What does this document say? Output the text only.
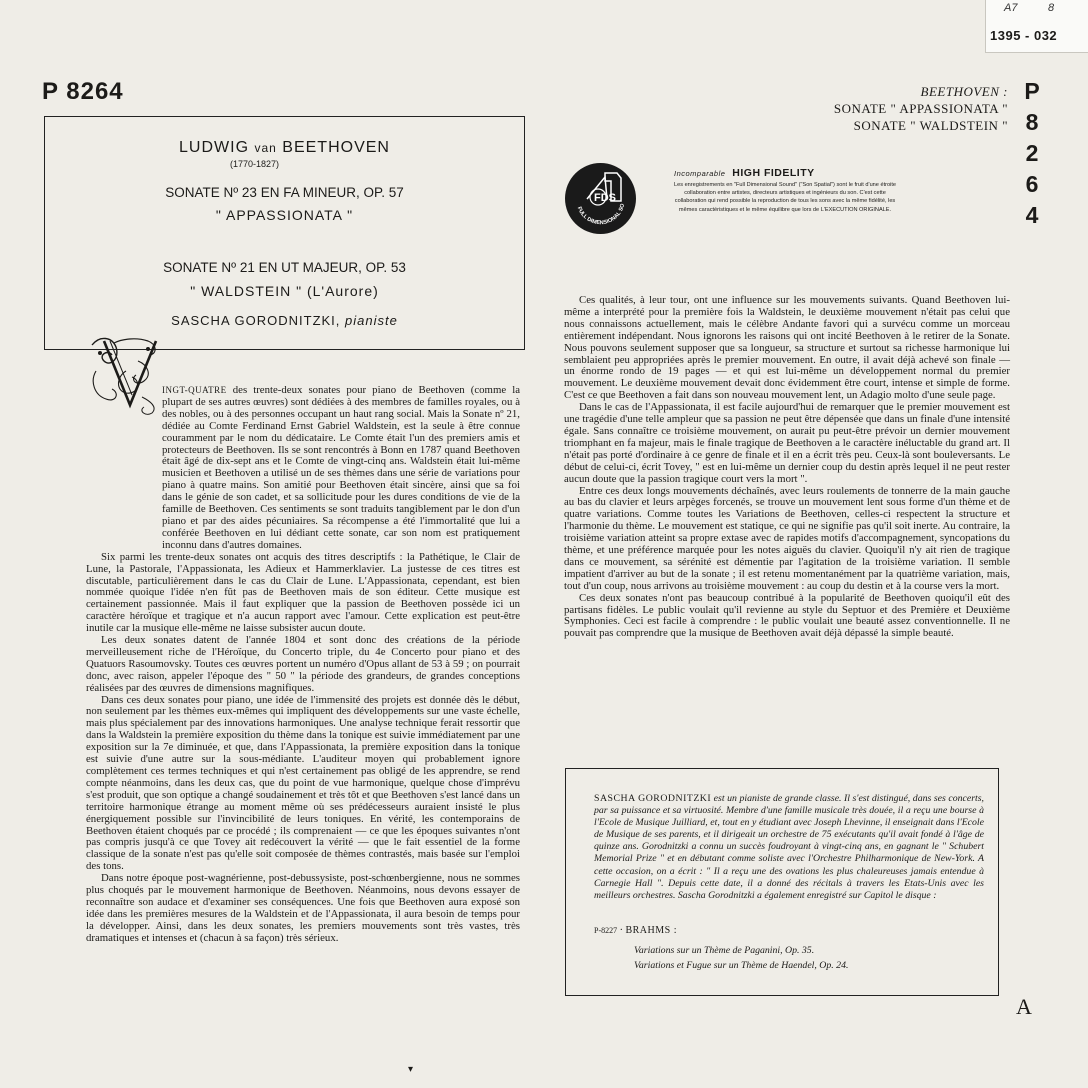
A7	8
1395 - 032
P 8264	P
8
2
6
4
LUDWIG van BEETHOVEN
(1770-1827)
SONATE Nº 23 EN FA MINEUR, OP. 57
" APPASSIONATA "
SONATE Nº 21 EN UT MAJEUR, OP. 53
" WALDSTEIN " (L'Aurore)
SASCHA GORODNITZKI, pianiste
BEETHOVEN :
SONATE " APPASSIONATA "
SONATE " WALDSTEIN "
FDS
FULL DIMENSIONAL SO
Incomparable HIGH FIDELITY
Les enregistrements en "Full Dimensional Sound" ("Son Spatial") sont le fruit d'une étroite collaboration entre artistes, directeurs artistiques et ingénieurs du son. C'est cette collaboration qui rend possible la reproduction de tous les sons avec la même fidélité, les mêmes caractéristiques et le même équilibre que lors de L'EXECUTION ORIGINALE.

INGT-QUATRE des trente-deux sonates pour piano de Beethoven (comme la plupart de ses autres œuvres) sont dédiées à des membres de familles royales, ou à des nobles, ou à des personnes occupant un haut rang social. Mais la Sonate nº 21, dédiée au Comte Ferdinand Ernst Gabriel Waldstein, est la seule à être connue couramment par le nom du dédicataire. Le Comte était l'un des premiers amis et protecteurs de Beethoven. Ils se sont rencontrés à Bonn en 1787 quand Beethoven était âgé de dix-sept ans et le Comte de vingt-cinq ans. Waldstein était lui-même musicien et Beethoven a utilisé un de ses thèmes dans une série de variations pour piano à quatre mains. Son amitié pour Beethoven était sincère, ainsi que sa foi dans le génie de son cadet, et sa sollicitude pour les dures conditions de vie de la famille de Beethoven. Ces sentiments se sont traduits tangiblement par le don d'un piano et par des aides pécuniaires. Sa récompense a été l'immortalité que lui a conférée Beethoven en lui dédiant cette sonate, car son nom est pratiquement inconnu dans d'autres domaines.

Six parmi les trente-deux sonates ont acquis des titres descriptifs : la Pathétique, le Clair de Lune, la Pastorale, l'Appassionata, les Adieux et Hammerklavier. La justesse de ces titres est discutable, particulièrement dans le cas du Clair de Lune. L'Appassionata, cependant, est bien nommée quoique l'idée n'en fût pas de Beethoven mais de son éditeur. Cette musique est certainement passionnée. Mais il faut expliquer que la passion de Beethoven possède ici un caractère héroïque et tragique et n'a aucun rapport avec l'amour. Cette explication est peut-être inutile car la musique elle-même ne laisse subsister aucun doute.

Les deux sonates datent de l'année 1804 et sont donc des créations de la période merveilleusement riche de l'Héroïque, du Concerto triple, du 4e Concerto pour piano et des Quatuors Rasoumovsky. Toutes ces œuvres portent un numéro d'Opus allant de 53 à 59 ; on pourrait donc, avec raison, appeler l'époque des " 50 " la période des grandeurs, de grandes conceptions réalisées par des œuvres de dimensions magnifiques.

Dans ces deux sonates pour piano, une idée de l'immensité des projets est donnée dès le début, non seulement par les thèmes eux-mêmes qui impliquent des développements sur une vaste échelle, mais plus spécialement par des innovations harmoniques. Une analyse technique ferait ressortir que dans la Waldstein la première exposition du thème dans la tonique est suivie immédiatement par une exposition sur la 7e diminuée, et que, dans l'Appassionata, la première exposition dans la tonique est suivie d'une autre sur la sous-médiante. L'auditeur moyen qui probablement ignore complètement ces termes techniques et qui n'est certainement pas obligé de les apprendre, se rend compte néanmoins, dans les deux cas, que du point de vue harmonique, quelque chose d'imprévu s'est produit, que son optique a changé soudainement et très tôt et que Beethoven s'est lancé dans un territoire harmonique étrange au moment même où ses prédécesseurs auraient insisté le plus énergiquement possible sur l'invincibilité de leurs toniques. En vérité, les contemporains de Beethoven étaient choqués par ce procédé ; ils comprenaient — ce que les époques suivantes n'ont pas compris jusqu'à ce que Tovey ait redécouvert la vérité — que le fait essentiel de la forme classique de la sonate n'est pas qu'elle soit composée de thèmes contrastés, mais basée sur l'emploi des tons.

Dans notre époque post-wagnérienne, post-debussysiste, post-schœnbergienne, nous ne sommes plus choqués par le mouvement harmonique de Beethoven. Néanmoins, nous devons essayer de reconnaître son audace et d'examiner ses conséquences. Une fois que Beethoven aura exposé son idée dans les premières mesures de la Waldstein et de l'Appassionata, il aura besoin de temps pour la développer. Ainsi, dans les deux sonates, les premiers mouvements sont très vastes, très dramatiques et intenses et (chacun à sa façon) très sérieux.

Ces qualités, à leur tour, ont une influence sur les mouvements suivants. Quand Beethoven lui-même a interprété pour la première fois la Waldstein, le deuxième mouvement n'était pas celui que nous connaissons actuellement, mais le célèbre Andante favori qui a survécu comme un morceau entièrement indépendant. Nous ignorons les raisons qui ont incité Beethoven à le retirer de la Sonate. Nous pouvons seulement supposer que sa longueur, sa structure et surtout sa richesse harmonique lui semblaient peu appropriées après le premier mouvement. En outre, il avait déjà achevé son finale — un énorme rondo de 19 pages — et qui est lui-même un développement normal du premier mouvement. Le deuxième mouvement devait donc évidemment être court, intense et simple de forme. C'est ce que Beethoven a fait dans son nouveau mouvement lent, un Adagio molto d'une seule page.

Dans le cas de l'Appassionata, il est facile aujourd'hui de remarquer que le premier mouvement est une tragédie d'une telle ampleur que sa passion ne peut être dépensée que dans un finale d'une intensité égale. Sans connaître ce troisième mouvement, on aurait pu peut-être prévoir un dernier mouvement triomphant en fa majeur, mais le finale tragique de Beethoven a le caractère inéluctable du grand art. Il n'était pas porté d'ordinaire à ce genre de finale et il en a écrit très peu. Ceux-là sont bouleversants. Le début de celui-ci, écrit Tovey, " est en lui-même un dernier coup du destin après lequel il ne peut rester aucun doute que la passion tragique court vers la mort ".

Entre ces deux longs mouvements déchaînés, avec leurs roulements de tonnerre de la main gauche au bas du clavier et leurs arpèges forcenés, se trouve un mouvement lent sous forme d'un thème et de quatre variations. Comme toutes les Variations de Beethoven, celles-ci respectent la structure et l'harmonie du thème. Le mouvement est statique, ce qui ne signifie pas qu'il soit inerte. Au contraire, la troisième variation atteint sa propre extase avec de rapides motifs d'accompagnement, syncopations du thème, et une préférence marquée pour les notes aiguës du clavier. Quoiqu'il n'y ait rien de tragique dans ce mouvement, sa sérénité est démentie par l'agitation de la troisième variation. Il semble impatient d'arriver au but de la sonate ; il est retenu momentanément par la quatrième variation, mais, tout d'un coup, nous arrivons au troisième mouvement : au coup du destin et à la course vers la mort.

Ces deux sonates n'ont pas beaucoup contribué à la popularité de Beethoven quoiqu'il eût des partisans fidèles. Le public voulait qu'il revienne au style du Septuor et des Première et Deuxième Symphonies. Ceci est facile à comprendre : le public voulait une beauté assez conventionnelle. Il ne pouvait pas comprendre que la musique de Beethoven avait déjà dépassé la simple beauté.

SASCHA GORODNITZKI est un pianiste de grande classe. Il s'est distingué, dans ses concerts, par sa puissance et sa virtuosité. Membre d'une famille musicale très douée, il a reçu une bourse à l'Ecole de Musique Juilliard, et, tout en y étudiant avec Joseph Lhevinne, il enseignait dans l'Ecole de Musique de ses parents, et il dirigeait un orchestre de 75 exécutants qu'il avait fondé à l'âge de quinze ans. Gorodnitzki a connu un succès foudroyant à vingt-cinq ans, en gagnant le " Schubert Memorial Prize " et en débutant comme soliste avec l'Orchestre Philharmonique de New-York. A cette occasion, on a écrit : " Il a reçu une des ovations les plus chaleureuses jamais entendue à Carnegie Hall ". Depuis cette date, il a donné des récitals à travers les Etats-Unis avec les meilleurs orchestres. Sascha Gorodnitzki a également enregistré sur Capitol le disque :
P-8227 · BRAHMS :
Variations sur un Thème de Paganini, Op. 35.
Variations et Fugue sur un Thème de Haendel, Op. 24.
A
▾
